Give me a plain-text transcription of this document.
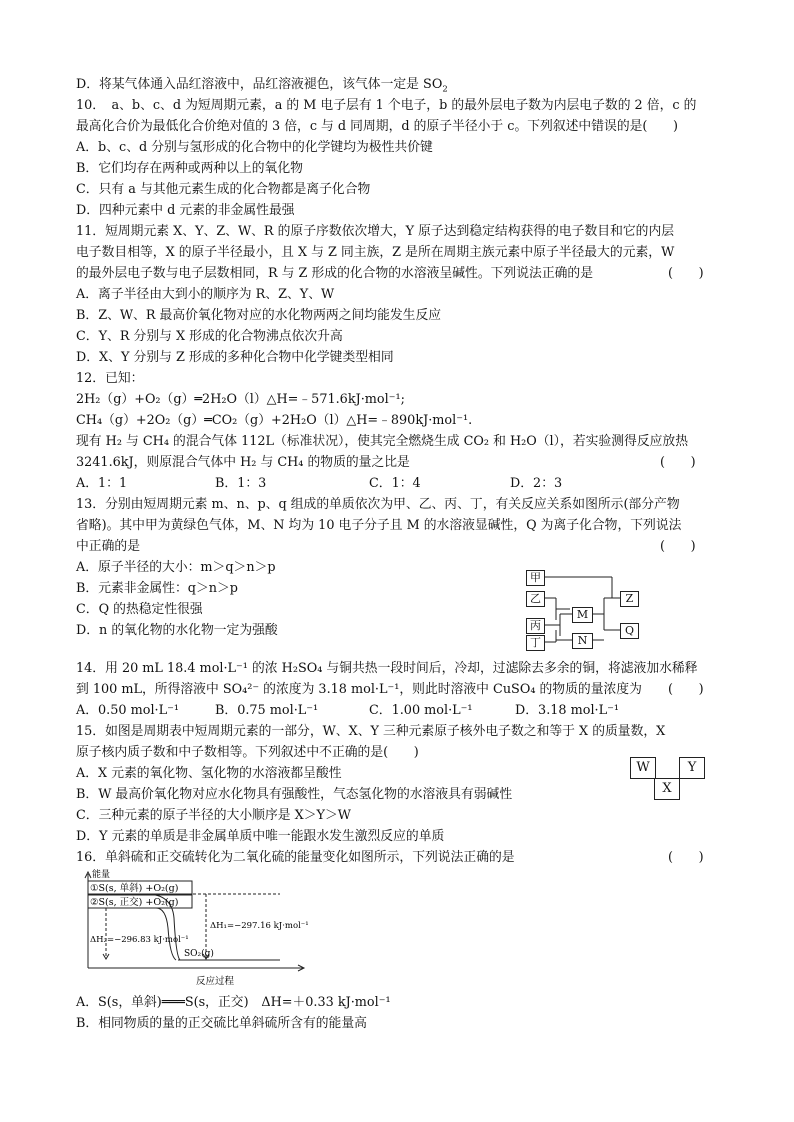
D．将某气体通入品红溶液中，品红溶液褪色，该气体一定是 $SO_2$
10．　a、b、c、d 为短周期元素，a 的 M 电子层有 1 个电子，b 的最外层电子数为内层电子数的 2 倍，c 的
最高化合价为最低化合价绝对值的 3 倍，c 与 d 同周期，d 的原子半径小于 c。下列叙述中错误的是(　　)
A．b、c、d 分别与氢形成的化合物中的化学键均为极性共价键
B．它们均存在两种或两种以上的氧化物
C．只有 a 与其他元素生成的化合物都是离子化合物
D．四种元素中 d 元素的非金属性最强
11．短周期元素 X、Y、Z、W、R 的原子序数依次增大，Y 原子达到稳定结构获得的电子数目和它的内层
电子数目相等，X 的原子半径最小，且 X 与 Z 同主族，Z 是所在周期主族元素中原子半径最大的元素，W
的最外层电子数与电子层数相同，R 与 Z 形成的化合物的水溶液呈碱性。下列说法正确的是	(　　)
A．离子半径由大到小的顺序为 R、Z、Y、W
B．Z、W、R 最高价氧化物对应的水化物两两之间均能发生反应
C．Y、R 分别与 X 形成的化合物沸点依次升高
D．X、Y 分别与 Z 形成的多种化合物中化学键类型相同
12．已知：
2H₂（g）+O₂（g）═2H₂O（l）△H=﹣571.6kJ·mol⁻¹;
CH₄（g）+2O₂（g）═CO₂（g）+2H₂O（l）△H=﹣890kJ·mol⁻¹.
现有 H₂ 与 CH₄ 的混合气体 112L（标准状况），使其完全燃烧生成 CO₂ 和 H₂O（l），若实验测得反应放热
3241.6kJ，则原混合气体中 H₂ 与 CH₄ 的物质的量之比是	(　　)
A．1：1	B．1：3	C．1：4	D．2：3
13．分别由短周期元素 m、n、p、q 组成的单质依次为甲、乙、丙、丁，有关反应关系如图所示(部分产物
省略)。其中甲为黄绿色气体，M、N 均为 10 电子分子且 M 的水溶液显碱性，Q 为离子化合物，下列说法
中正确的是	(　　)
A．原子半径的大小：m＞q＞n＞p
B．元素非金属性：q＞n＞p
C．Q 的热稳定性很强
D．n 的氧化物的水化物一定为强酸
甲
乙
丙
丁
M
N
Z
Q
14．用 20 mL 18.4 mol·L⁻¹ 的浓 H₂SO₄ 与铜共热一段时间后，冷却，过滤除去多余的铜，将滤液加水稀释
到 100 mL，所得溶液中 SO₄²⁻ 的浓度为 3.18 mol·L⁻¹，则此时溶液中 CuSO₄ 的物质的量浓度为 (　　)
A．0.50 mol·L⁻¹	B．0.75 mol·L⁻¹	C．1.00 mol·L⁻¹	D．3.18 mol·L⁻¹
15．如图是周期表中短周期元素的一部分，W、X、Y 三种元素原子核外电子数之和等于 X 的质量数，X
原子核内质子数和中子数相等。下列叙述中不正确的是(　　)
A．X 元素的氧化物、氢化物的水溶液都呈酸性
B．W 最高价氧化物对应水化物具有强酸性，气态氢化物的水溶液具有弱碱性
C．三种元素的原子半径的大小顺序是 X＞Y＞W
D．Y 元素的单质是非金属单质中唯一能跟水发生激烈反应的单质
W	Y
X
16．单斜硫和正交硫转化为二氧化硫的能量变化如图所示，下列说法正确的是	(　　)
能量
①S(s, 单斜) +O₂(g)
②S(s, 正交) +O₂(g)
ΔH₁=−297.16 kJ·mol⁻¹
ΔH₂=−296.83 kJ·mol⁻¹
SO₂(g)
反应过程
A．S(s，单斜)═══S(s，正交)　ΔH=＋0.33 kJ·mol⁻¹
B．相同物质的量的正交硫比单斜硫所含有的能量高
